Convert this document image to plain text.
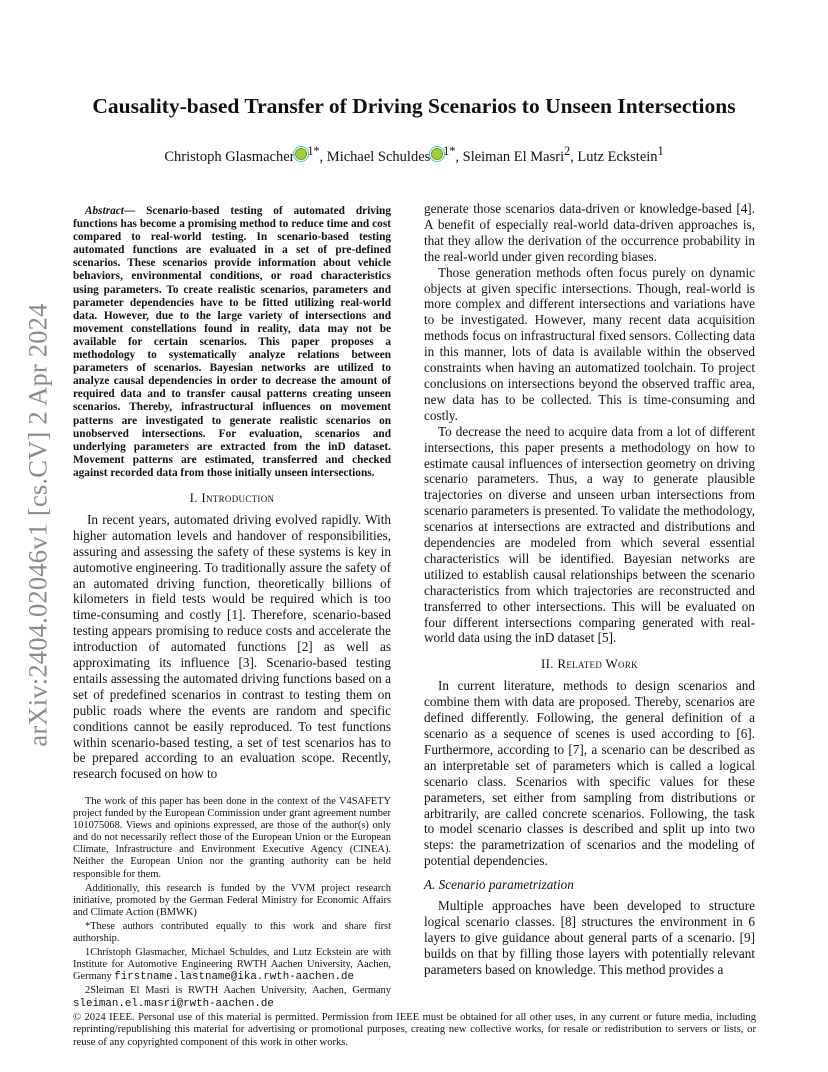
arXiv:2404.02046v1 [cs.CV] 2 Apr 2024
Causality-based Transfer of Driving Scenarios to Unseen Intersections
Christoph Glasmacher $^{1*}$, Michael Schuldes $^{1*}$, Sleiman El Masri$^2$, Lutz Eckstein$^1$

Abstract— Scenario-based testing of automated driving functions has become a promising method to reduce time and cost compared to real-world testing. In scenario-based testing automated functions are evaluated in a set of pre-defined scenarios. These scenarios provide information about vehicle behaviors, environmental conditions, or road characteristics using parameters. To create realistic scenarios, parameters and parameter dependencies have to be fitted utilizing real-world data. However, due to the large variety of intersections and movement constellations found in reality, data may not be available for certain scenarios. This paper proposes a methodology to systematically analyze relations between parameters of scenarios. Bayesian networks are utilized to analyze causal dependencies in order to decrease the amount of required data and to transfer causal patterns creating unseen scenarios. Thereby, infrastructural influences on movement patterns are investigated to generate realistic scenarios on unobserved intersections. For evaluation, scenarios and underlying parameters are extracted from the inD dataset. Movement patterns are estimated, transferred and checked against recorded data from those initially unseen intersections.

I. Introduction

In recent years, automated driving evolved rapidly. With higher automation levels and handover of responsibilities, assuring and assessing the safety of these systems is key in automotive engineering. To traditionally assure the safety of an automated driving function, theoretically billions of kilometers in field tests would be required which is too time-consuming and costly [1]. Therefore, scenario-based testing appears promising to reduce costs and accelerate the introduction of automated functions [2] as well as approximating its influence [3]. Scenario-based testing entails assessing the automated driving functions based on a set of predefined scenarios in contrast to testing them on public roads where the events are random and specific conditions cannot be easily reproduced. To test functions within scenario-based testing, a set of test scenarios has to be prepared according to an evaluation scope. Recently, research focused on how to

The work of this paper has been done in the context of the V4SAFETY project funded by the European Commission under grant agreement number 101075068. Views and opinions expressed, are those of the author(s) only and do not necessarily reflect those of the European Union or the European Climate, Infrastructure and Environment Executive Agency (CINEA). Neither the European Union nor the granting authority can be held responsible for them.

Additionally, this research is funded by the VVM project research initiative, promoted by the German Federal Ministry for Economic Affairs and Climate Action (BMWK)

*These authors contributed equally to this work and share first authorship.

1Christoph Glasmacher, Michael Schuldes, and Lutz Eckstein are with Institute for Automotive Engineering RWTH Aachen University, Aachen, Germany firstname.lastname@ika.rwth-aachen.de

2Sleiman El Masri is RWTH Aachen University, Aachen, Germany sleiman.el.masri@rwth-aachen.de

generate those scenarios data-driven or knowledge-based [4]. A benefit of especially real-world data-driven approaches is, that they allow the derivation of the occurrence probability in the real-world under given recording biases.

Those generation methods often focus purely on dynamic objects at given specific intersections. Though, real-world is more complex and different intersections and variations have to be investigated. However, many recent data acquisition methods focus on infrastructural fixed sensors. Collecting data in this manner, lots of data is available within the observed constraints when having an automatized toolchain. To project conclusions on intersections beyond the observed traffic area, new data has to be collected. This is time-consuming and costly.

To decrease the need to acquire data from a lot of different intersections, this paper presents a methodology on how to estimate causal influences of intersection geometry on driving scenario parameters. Thus, a way to generate plausible trajectories on diverse and unseen urban intersections from scenario parameters is presented. To validate the methodology, scenarios at intersections are extracted and distributions and dependencies are modeled from which several essential characteristics will be identified. Bayesian networks are utilized to establish causal relationships between the scenario characteristics from which trajectories are reconstructed and transferred to other intersections. This will be evaluated on four different intersections comparing generated with real-world data using the inD dataset [5].

II. Related Work

In current literature, methods to design scenarios and combine them with data are proposed. Thereby, scenarios are defined differently. Following, the general definition of a scenario as a sequence of scenes is used according to [6]. Furthermore, according to [7], a scenario can be described as an interpretable set of parameters which is called a logical scenario class. Scenarios with specific values for these parameters, set either from sampling from distributions or arbitrarily, are called concrete scenarios. Following, the task to model scenario classes is described and split up into two steps: the parametrization of scenarios and the modeling of potential dependencies.

A. Scenario parametrization

Multiple approaches have been developed to structure logical scenario classes. [8] structures the environment in 6 layers to give guidance about general parts of a scenario. [9] builds on that by filling those layers with potentially relevant parameters based on knowledge. This method provides a

© 2024 IEEE. Personal use of this material is permitted. Permission from IEEE must be obtained for all other uses, in any current or future media, including reprinting/republishing this material for advertising or promotional purposes, creating new collective works, for resale or redistribution to servers or lists, or reuse of any copyrighted component of this work in other works.
